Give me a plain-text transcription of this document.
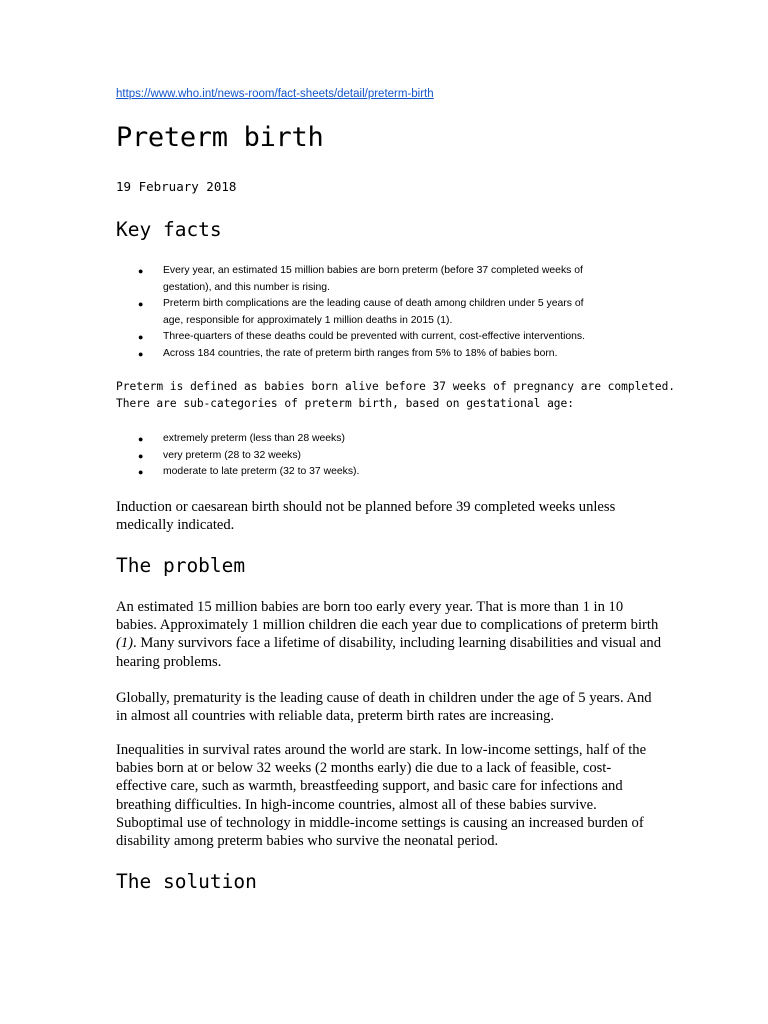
https://www.who.int/news-room/fact-sheets/detail/preterm-birth
Preterm birth
19 February 2018
Key facts
● Every year, an estimated 15 million babies are born preterm (before 37 completed weeks of
gestation), and this number is rising.
● Preterm birth complications are the leading cause of death among children under 5 years of
age, responsible for approximately 1 million deaths in 2015 (1).
● Three-quarters of these deaths could be prevented with current, cost-effective interventions.
● Across 184 countries, the rate of preterm birth ranges from 5% to 18% of babies born.

Preterm is defined as babies born alive before 37 weeks of pregnancy are completed.
There are sub-categories of preterm birth, based on gestational age:

● extremely preterm (less than 28 weeks)
● very preterm (28 to 32 weeks)
● moderate to late preterm (32 to 37 weeks).

Induction or caesarean birth should not be planned before 39 completed weeks unless medically indicated.

The problem

An estimated 15 million babies are born too early every year. That is more than 1 in 10 babies. Approximately 1 million children die each year due to complications of preterm birth (1). Many survivors face a lifetime of disability, including learning disabilities and visual and hearing problems.

Globally, prematurity is the leading cause of death in children under the age of 5 years. And in almost all countries with reliable data, preterm birth rates are increasing.

Inequalities in survival rates around the world are stark. In low-income settings, half of the babies born at or below 32 weeks (2 months early) die due to a lack of feasible, cost-effective care, such as warmth, breastfeeding support, and basic care for infections and breathing difficulties. In high-income countries, almost all of these babies survive. Suboptimal use of technology in middle-income settings is causing an increased burden of disability among preterm babies who survive the neonatal period.

The solution
